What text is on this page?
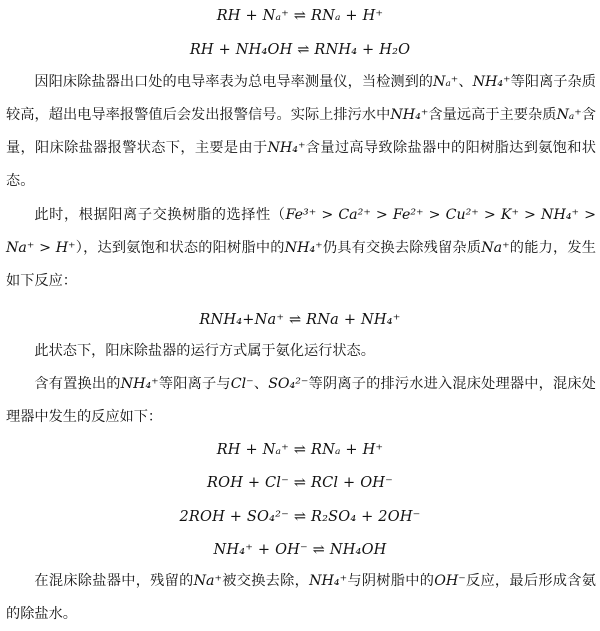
RH + Nₐ⁺ ⇌ RNₐ + H⁺
RH + NH₄OH ⇌ RNH₄ + H₂O
因阳床除盐器出口处的电导率表为总电导率测量仪，当检测到的Nₐ⁺、NH₄⁺等阳离子杂质较高，超出电导率报警值后会发出报警信号。实际上排污水中NH₄⁺含量远高于主要杂质Nₐ⁺含量，阳床除盐器报警状态下，主要是由于NH₄⁺含量过高导致除盐器中的阳树脂达到氨饱和状态。
此时，根据阳离子交换树脂的选择性（Fe³⁺ > Ca²⁺ > Fe²⁺ > Cu²⁺ > K⁺ > NH₄⁺ > Na⁺ > H⁺），达到氨饱和状态的阳树脂中的NH₄⁺仍具有交换去除残留杂质Na⁺的能力，发生如下反应：
RNH₄+Na⁺ ⇌ RNa + NH₄⁺
此状态下，阳床除盐器的运行方式属于氨化运行状态。
含有置换出的NH₄⁺等阳离子与Cl⁻、SO₄²⁻等阴离子的排污水进入混床处理器中，混床处理器中发生的反应如下：
RH + Nₐ⁺ ⇌ RNₐ + H⁺
ROH + Cl⁻ ⇌ RCl + OH⁻
2ROH + SO₄²⁻ ⇌ R₂SO₄ + 2OH⁻
NH₄⁺ + OH⁻ ⇌ NH₄OH
在混床除盐器中，残留的Na⁺被交换去除，NH₄⁺与阴树脂中的OH⁻反应，最后形成含氨的除盐水。
